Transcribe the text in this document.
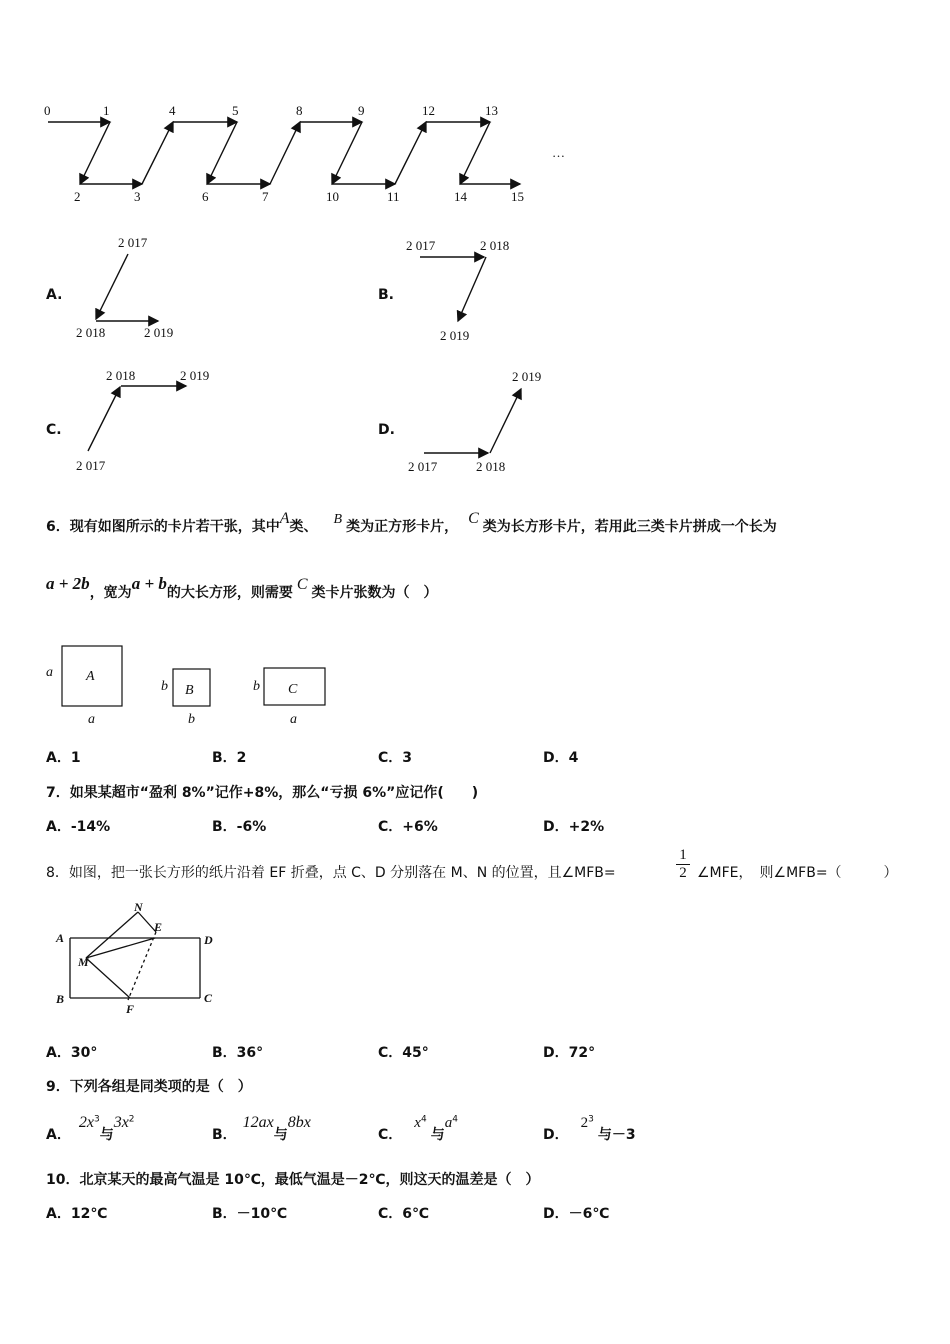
0	1	4	5	8	9	12	13
2	3	6	7	10	11	14	15
…
A.
2 017
2 018	2 019
B.
2 017	2 018
2 019
C.
2 018	2 019
2 017
D.
2 019
2 017	2 018
6．现有如图所示的卡片若干张，其中A类、 B 类为正方形卡片， C 类为长方形卡片，若用此三类卡片拼成一个长为
a + 2b，宽为a + b的大长方形，则需要 C 类卡片张数为（　）
A
a
a
B
b
b
C
b
a
A．1	B．2	C．3	D．4
7．如果某超市“盈利 8%”记作+8%，那么“亏损 6%”应记作(　　)
A．-14%	B．-6%	C．+6%	D．+2%
8．如图，把一张长方形的纸片沿着 EF 折叠，点 C、D 分别落在 M、N 的位置，且∠MFB=	$\frac{1}{2}$ ∠MFE，　则∠MFB=（　　　）
A	D
B	C
N
E
M
F
A．30°	B．36°	C．45°	D．72°
9．下列各组是同类项的是（　）
A．$2x^3$与$3x^2$
B．12ax与8bx
C．$x^4$与$a^4$
D．$2^3$与－3
10．北京某天的最高气温是 10℃，最低气温是－2℃，则这天的温差是（　）
A．12℃	B．－10℃	C．6℃	D．－6℃
